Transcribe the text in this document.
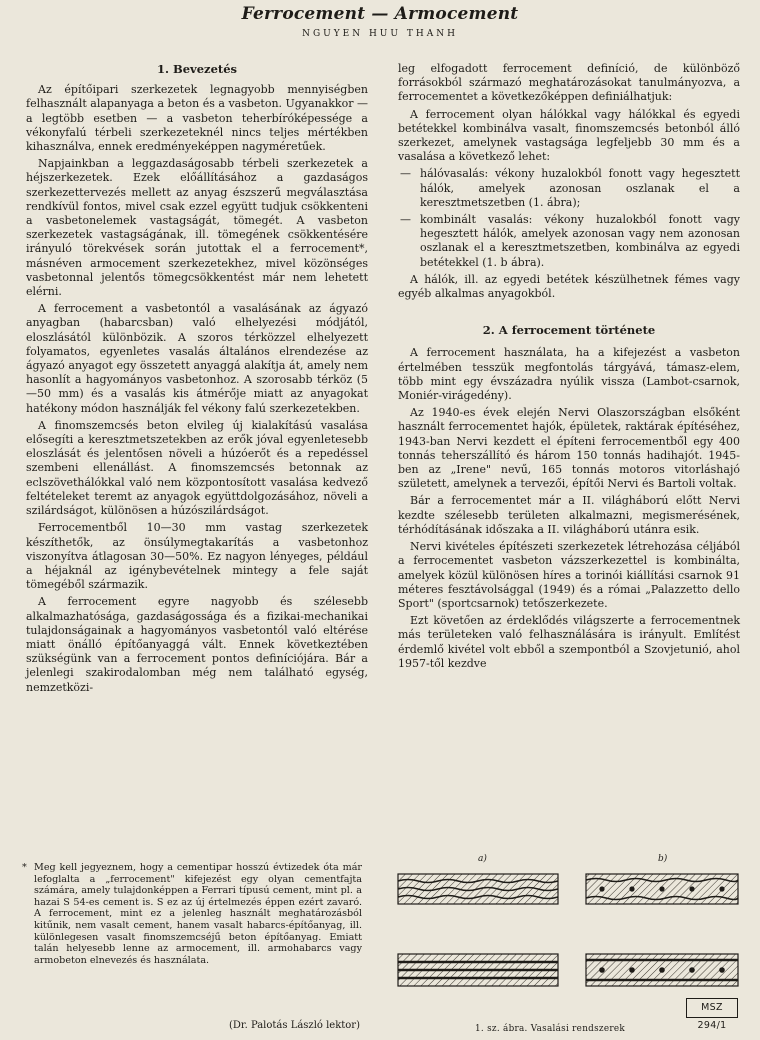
Ferrocement — Armocement
NGUYEN HUU THANH
1. Bevezetés

Az építőipari szerkezetek legnagyobb mennyiségben felhasznált alapanyaga a beton és a vasbeton. Ugyanakkor — a legtöbb esetben — a vasbeton teherbíróképessége a vékonyfalú térbeli szerkezeteknél nincs teljes mértékben kihasználva, ennek eredményeképpen nagyméretűek.

Napjainkban a leggazdaságosabb térbeli szerkezetek a héjszerkezetek. Ezek előállításához a gazdaságos szerkezettervezés mellett az anyag észszerű megválasztása rendkívül fontos, mivel csak ezzel együtt tudjuk csökkenteni a vasbetonelemek vastagságát, tömegét. A vasbeton szerkezetek vastagságának, ill. tömegének csökkentésére irányuló törekvések során jutottak el a ferrocement*, másnéven armocement szerkezetekhez, mivel közönséges vasbetonnal jelentős tömegcsökkentést már nem lehetett elérni.

A ferrocement a vasbetontól a vasalásának az ágyazó anyagban (habarcsban) való elhelyezési módjától, eloszlásától különbözik. A szoros térközzel elhelyezett folyamatos, egyenletes vasalás általános elrendezése az ágyazó anyagot egy összetett anyaggá alakítja át, amely nem hasonlít a hagyományos vasbetonhoz. A szorosabb térköz (5—50 mm) és a vasalás kis átmérője miatt az anyagokat hatékony módon használják fel vékony falú szerkezetekben.

A finomszemcsés beton elvileg új kialakítású vasalása elősegíti a keresztmetszetekben az erők jóval egyenletesebb eloszlását és jelentősen növeli a húzóerőt és a repedéssel szembeni ellenállást. A finomszemcsés betonnak az eclszövethálókkal való nem központosított vasalása kedvező feltételeket teremt az anyagok együttdolgozásához, növeli a szilárdságot, különösen a húzószilárdságot.

Ferrocementből 10—30 mm vastag szerkezetek készíthetők, az önsúlymegtakarítás a vasbetonhoz viszonyítva átlagosan 30—50%. Ez nagyon lényeges, például a héjaknál az igénybevételnek mintegy a fele saját tömegéből származik.

A ferrocement egyre nagyobb és szélesebb alkalmazhatósága, gazdaságossága és a fizikai-mechanikai tulajdonságainak a hagyományos vasbetontól való eltérése miatt önálló építőanyaggá vált. Ennek következtében szükségünk van a ferrocement pontos definíciójára. Bár a jelenlegi szakirodalomban még nem található egység, nemzetközi-

leg elfogadott ferrocement definíció, de különböző forrásokból származó meghatározásokat tanulmányozva, a ferrocementet a következőképpen definiálhatjuk:

A ferrocement olyan hálókkal vagy hálókkal és egyedi betétekkel kombinálva vasalt, finomszemcsés betonból álló szerkezet, amelynek vastagsága legfeljebb 30 mm és a vasalása a következő lehet:

— hálóvasalás: vékony huzalokból fonott vagy hegesztett hálók, amelyek azonosan oszlanak el a keresztmetszetben (1. ábra);
— kombinált vasalás: vékony huzalokból fonott vagy hegesztett hálók, amelyek azonosan vagy nem azonosan oszlanak el a keresztmetszetben, kombinálva az egyedi betétekkel (1. b ábra).

A hálók, ill. az egyedi betétek készülhetnek fémes vagy egyéb alkalmas anyagokból.

2. A ferrocement története

A ferrocement használata, ha a kifejezést a vasbeton értelmében tesszük megfontolás tárgyává, támasz-elem, több mint egy évszázadra nyúlik vissza (Lambot-csarnok, Moniér-virágedény).

Az 1940-es évek elején Nervi Olaszországban elsőként használt ferrocementet hajók, épületek, raktárak építéséhez, 1943-ban Nervi kezdett el építeni ferrocementből egy 400 tonnás teherszállító és három 150 tonnás hadihajót. 1945-ben az „Irene" nevű, 165 tonnás motoros vitorláshajó született, amelynek a tervezői, építői Nervi és Bartoli voltak.

Bár a ferrocementet már a II. világháború előtt Nervi kezdte szélesebb területen alkalmazni, megismerésének, térhódításának időszaka a II. világháború utánra esik.

Nervi kivételes építészeti szerkezetek létrehozása céljából a ferrocementet vasbeton vázszerkezettel is kombinálta, amelyek közül különösen híres a torinói kiállítási csarnok 91 méteres fesztávolsággal (1949) és a római „Palazzetto dello Sport" (sportcsarnok) tetőszerkezete.

Ezt követően az érdeklődés világszerte a ferrocementnek más területeken való felhasználására is irányult. Említést érdemlő kivétel volt ebből a szempontból a Szovjetunió, ahol 1957-től kezdve

* Meg kell jegyeznem, hogy a cementipar hosszú évtizedek óta már lefoglalta a „ferrocement" kifejezést egy olyan cementfajta számára, amely tulajdonképpen a Ferrari típusú cement, mint pl. a hazai S 54-es cement is. S ez az új értelmezés éppen ezért zavaró. A ferrocement, mint ez a jelenleg használt meghatározásból kitűnik, nem vasalt cement, hanem vasalt habarcs-építőanyag, ill. különlegesen vasalt finomszemcséjű beton építőanyag. Emiatt talán helyesebb lenne az armocement, ill. armohabarcs vagy armobeton elnevezés és használata.
(Dr. Palotás László lektor)
a)	b)
MSZ 294/1
1. sz. ábra. Vasalási rendszerek
